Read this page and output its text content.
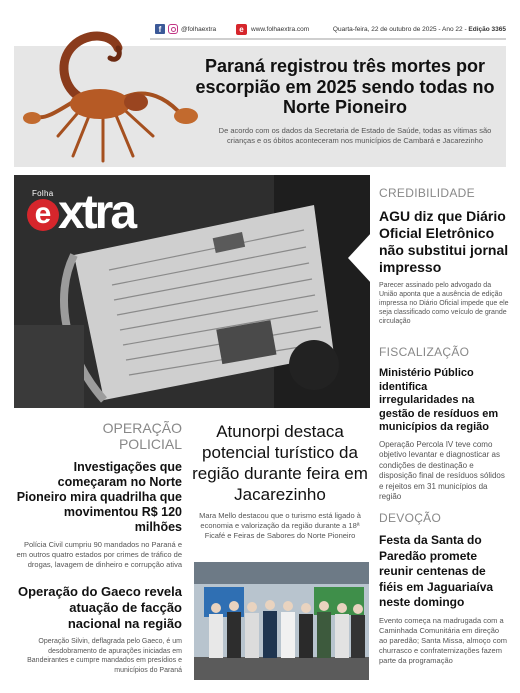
f	@folhaextra	e	www.folhaextra.com	Quarta-feira, 22 de outubro de 2025 - Ano 22 - Edição 3365
Paraná registrou três mortes por escorpião em 2025 sendo todas no Norte Pioneiro
De acordo com os dados da Secretaria de Estado de Saúde, todas as vítimas são crianças e os óbitos aconteceram nos municípios de Cambará e Jacarezinho
Folha
e xtra	CREDIBILIDADE
AGU diz que Diário Oficial Eletrônico não substitui jornal impresso
Parecer assinado pelo advogado da União aponta que a ausência de edição impressa no Diário Oficial impede que ele seja classificado como veículo de grande circulação
FISCALIZAÇÃO
Ministério Público identifica irregularidades na gestão de resíduos em municípios da região
Operação Percola IV teve como objetivo levantar e diagnosticar as condições de destinação e disposição final de resíduos sólidos e rejeitos em 31 municípios da região
DEVOÇÃO
Festa da Santa do Paredão promete reunir centenas de fiéis em Jaguariaíva neste domingo
Evento começa na madrugada com a Caminhada Comunitária em direção ao paredão; Santa Missa, almoço com churrasco e confraternizações fazem parte da programação
OPERAÇÃO
POLICIAL
Investigações que começaram no Norte Pioneiro mira quadrilha que movimentou R$ 120 milhões
Polícia Civil cumpriu 90 mandados no Paraná e em outros quatro estados por crimes de tráfico de drogas, lavagem de dinheiro e corrupção ativa
Operação do Gaeco revela atuação de facção nacional na região
Operação Silvin, deflagrada pelo Gaeco, é um desdobramento de apurações iniciadas em Bandeirantes e cumpre mandados em presídios e municípios do Paraná
Atunorpi destaca potencial turístico da região durante feira em Jacarezinho
Mara Mello destacou que o turismo está ligado à economia e valorização da região durante a 18ª Ficafé e Feiras de Sabores do Norte Pioneiro
